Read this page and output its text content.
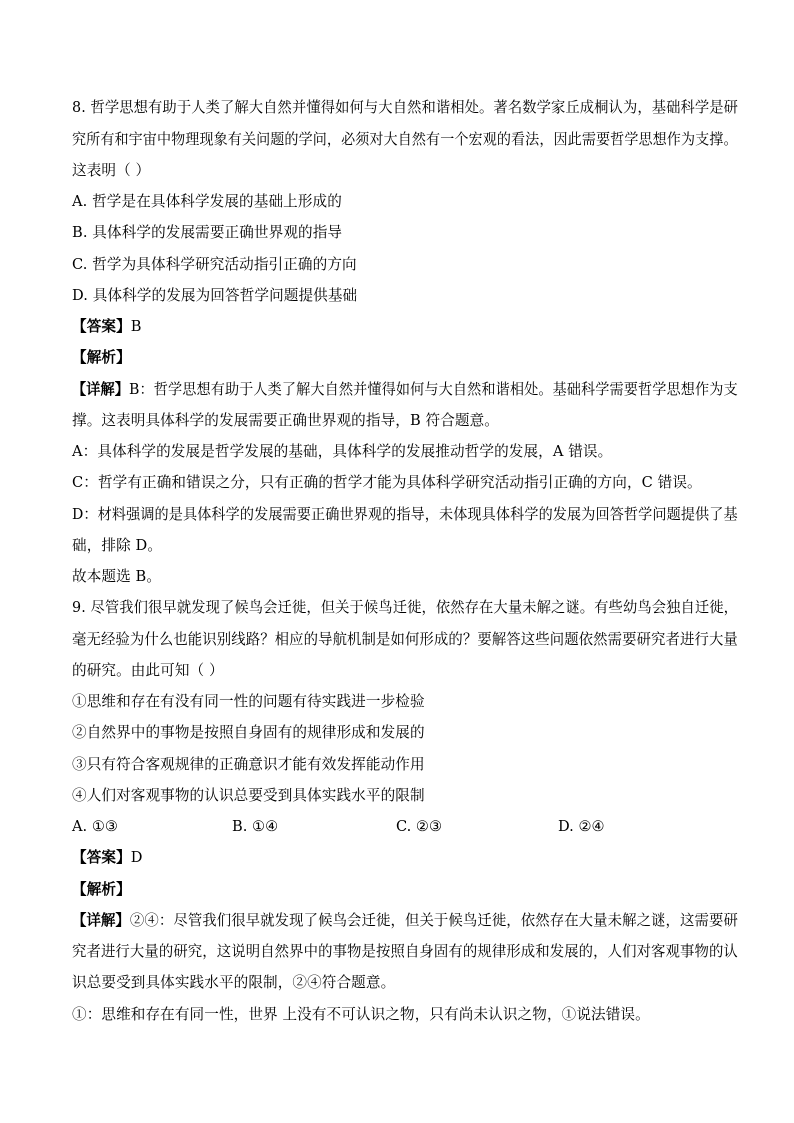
8. 哲学思想有助于人类了解大自然并懂得如何与大自然和谐相处。著名数学家丘成桐认为，基础科学是研
究所有和宇宙中物理现象有关问题的学问，必须对大自然有一个宏观的看法，因此需要哲学思想作为支撑。
这表明（ ）
A. 哲学是在具体科学发展的基础上形成的
B. 具体科学的发展需要正确世界观的指导
C. 哲学为具体科学研究活动指引正确的方向
D. 具体科学的发展为回答哲学问题提供基础
【答案】B
【解析】
【详解】B：哲学思想有助于人类了解大自然并懂得如何与大自然和谐相处。基础科学需要哲学思想作为支
撑。这表明具体科学的发展需要正确世界观的指导，B 符合题意。
A：具体科学的发展是哲学发展的基础，具体科学的发展推动哲学的发展，A 错误。
C：哲学有正确和错误之分，只有正确的哲学才能为具体科学研究活动指引正确的方向，C 错误。
D：材料强调的是具体科学的发展需要正确世界观的指导，未体现具体科学的发展为回答哲学问题提供了基
础，排除 D。
故本题选 B。
9. 尽管我们很早就发现了候鸟会迁徙，但关于候鸟迁徙，依然存在大量未解之谜。有些幼鸟会独自迁徙，
毫无经验为什么也能识别线路？相应的导航机制是如何形成的？要解答这些问题依然需要研究者进行大量
的研究。由此可知（ ）
①思维和存在有没有同一性的问题有待实践进一步检验
②自然界中的事物是按照自身固有的规律形成和发展的
③只有符合客观规律的正确意识才能有效发挥能动作用
④人们对客观事物的认识总要受到具体实践水平的限制
A. ①③	B. ①④	C. ②③	D. ②④
【答案】D
【解析】
【详解】②④：尽管我们很早就发现了候鸟会迁徙，但关于候鸟迁徙，依然存在大量未解之谜，这需要研
究者进行大量的研究，这说明自然界中的事物是按照自身固有的规律形成和发展的，人们对客观事物的认
识总要受到具体实践水平的限制，②④符合题意。
①：思维和存在有同一性，世界 上没有不可认识之物，只有尚未认识之物，①说法错误。
